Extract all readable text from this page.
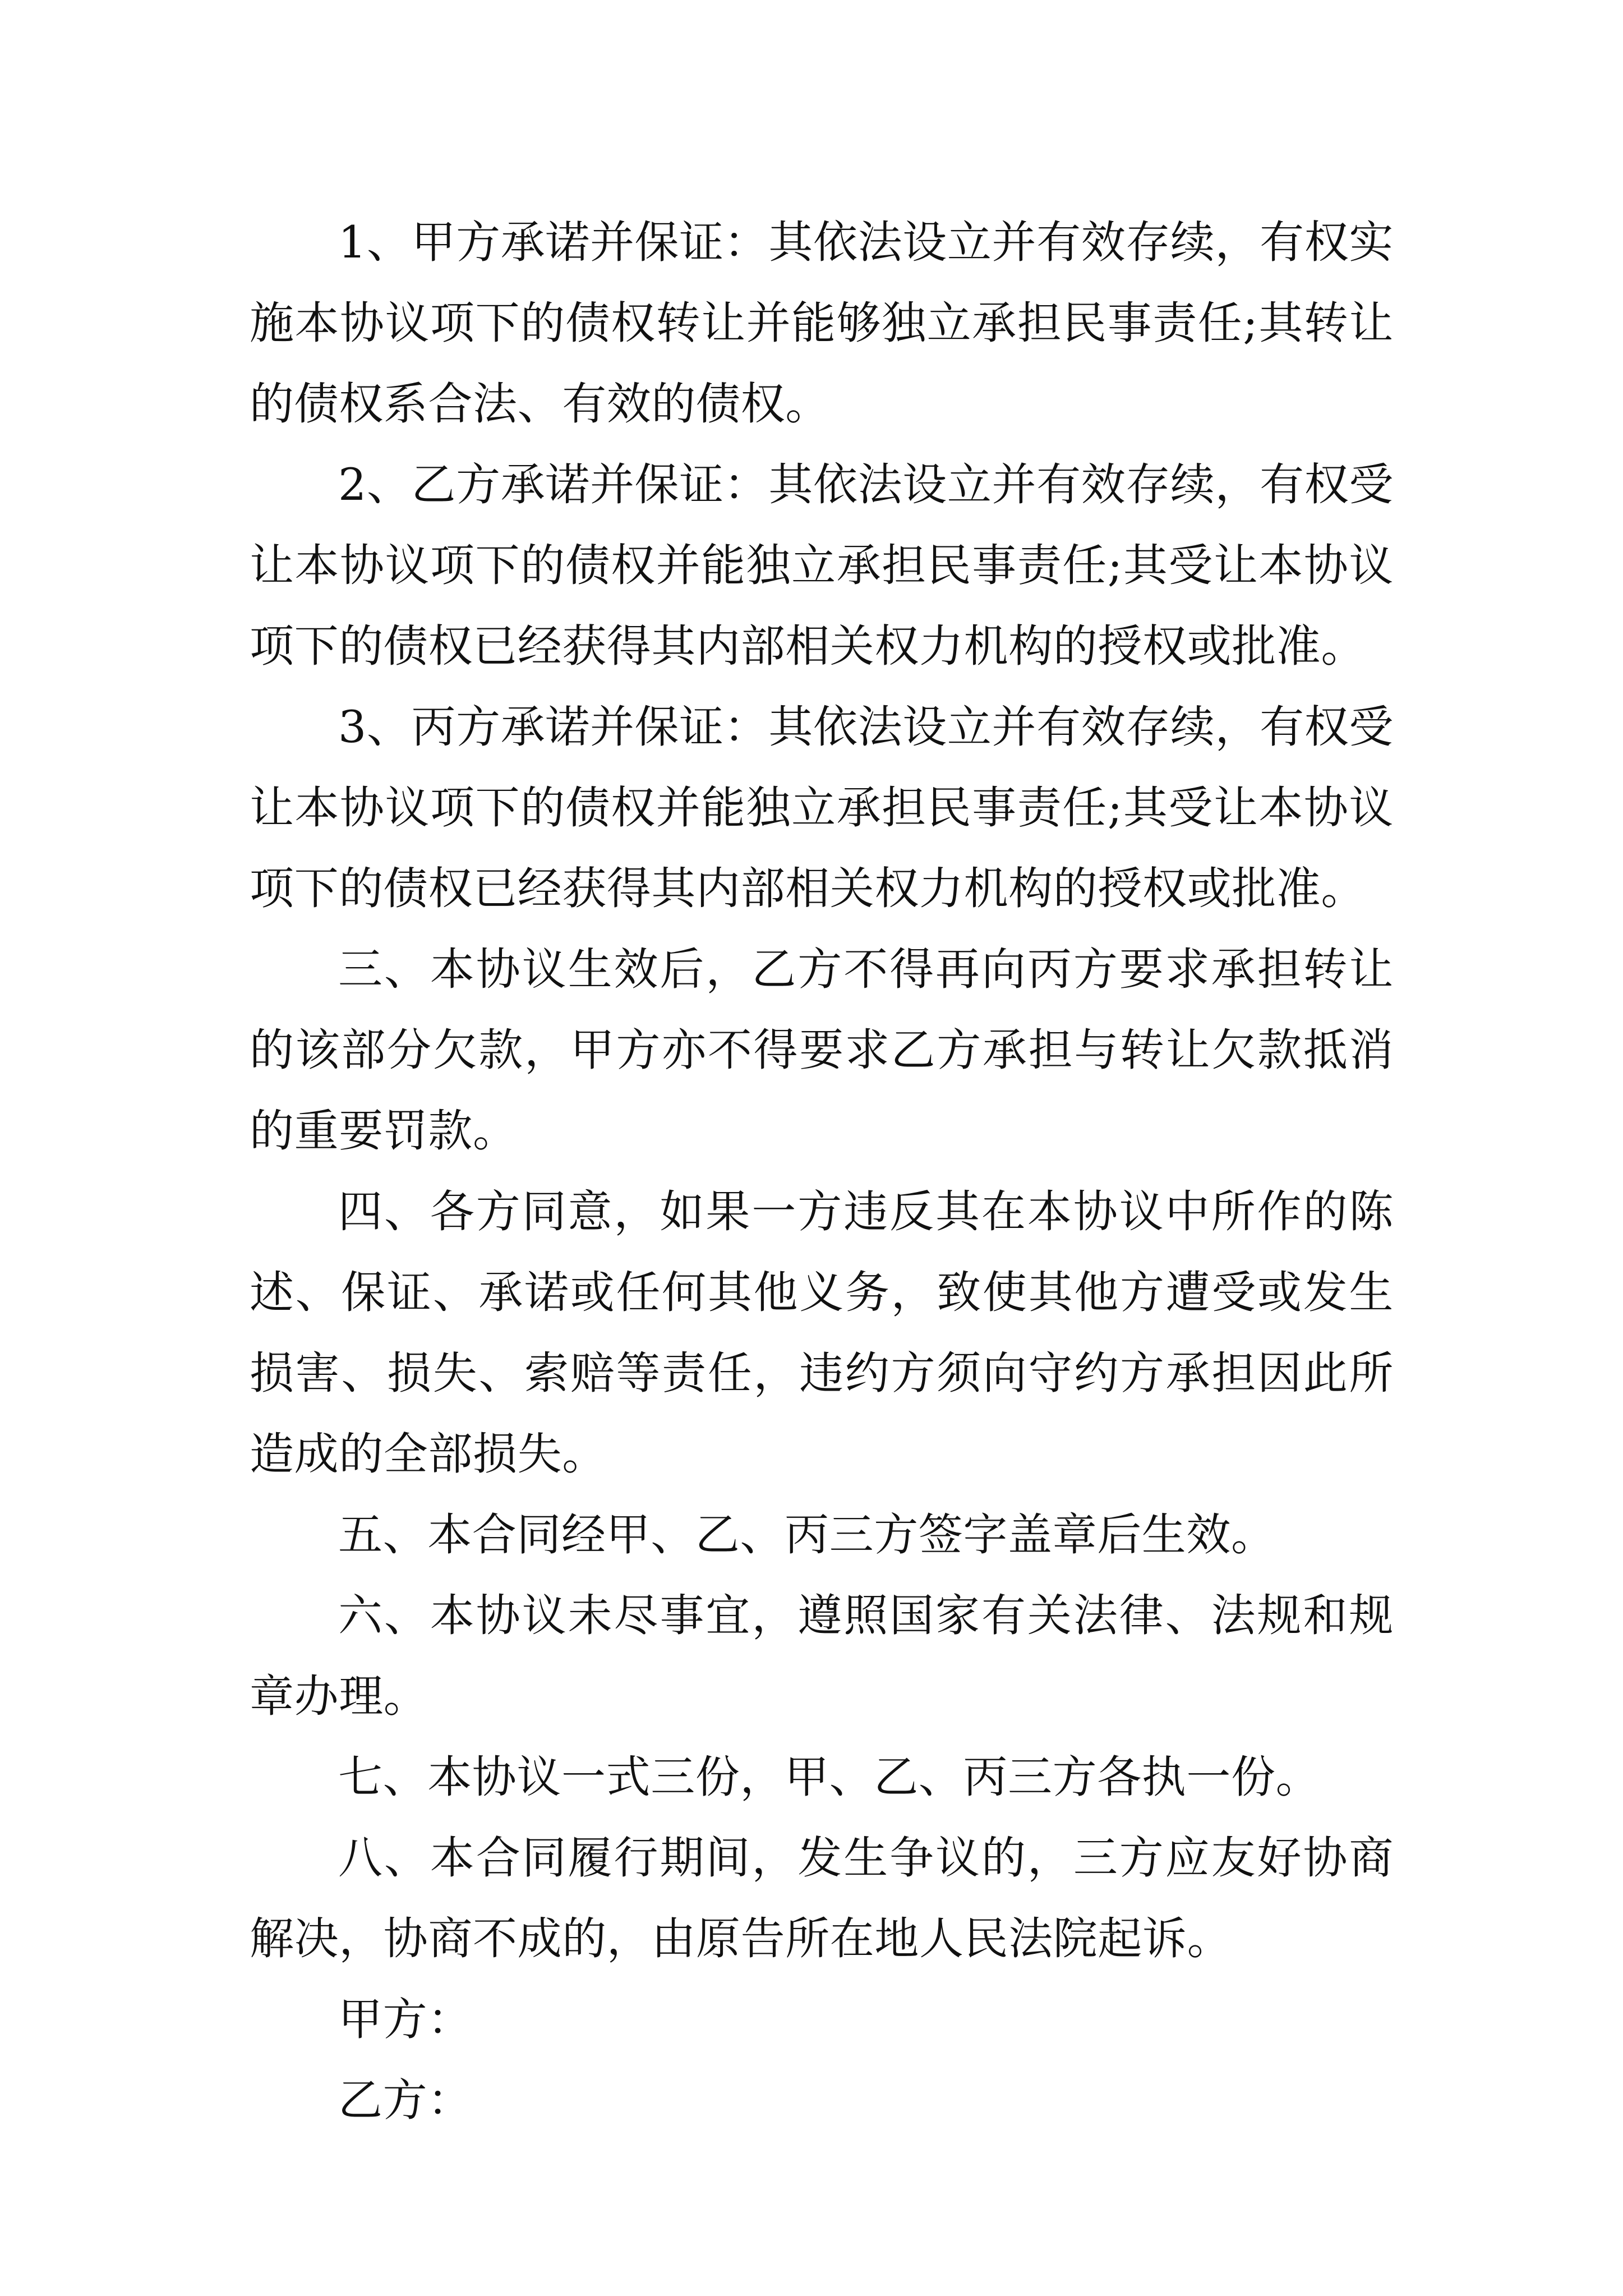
1、甲方承诺并保证：其依法设立并有效存续，有权实施本协议项下的债权转让并能够独立承担民事责任;其转让的债权系合法、有效的债权。

2、乙方承诺并保证：其依法设立并有效存续，有权受让本协议项下的债权并能独立承担民事责任;其受让本协议项下的债权已经获得其内部相关权力机构的授权或批准。

3、丙方承诺并保证：其依法设立并有效存续，有权受让本协议项下的债权并能独立承担民事责任;其受让本协议项下的债权已经获得其内部相关权力机构的授权或批准。

三、本协议生效后，乙方不得再向丙方要求承担转让的该部分欠款，甲方亦不得要求乙方承担与转让欠款抵消的重要罚款。

四、各方同意，如果一方违反其在本协议中所作的陈述、保证、承诺或任何其他义务，致使其他方遭受或发生损害、损失、索赔等责任，违约方须向守约方承担因此所造成的全部损失。

五、本合同经甲、乙、丙三方签字盖章后生效。

六、本协议未尽事宜，遵照国家有关法律、法规和规章办理。

七、本协议一式三份，甲、乙、丙三方各执一份。

八、本合同履行期间，发生争议的，三方应友好协商解决，协商不成的，由原告所在地人民法院起诉。

甲方：

乙方：
